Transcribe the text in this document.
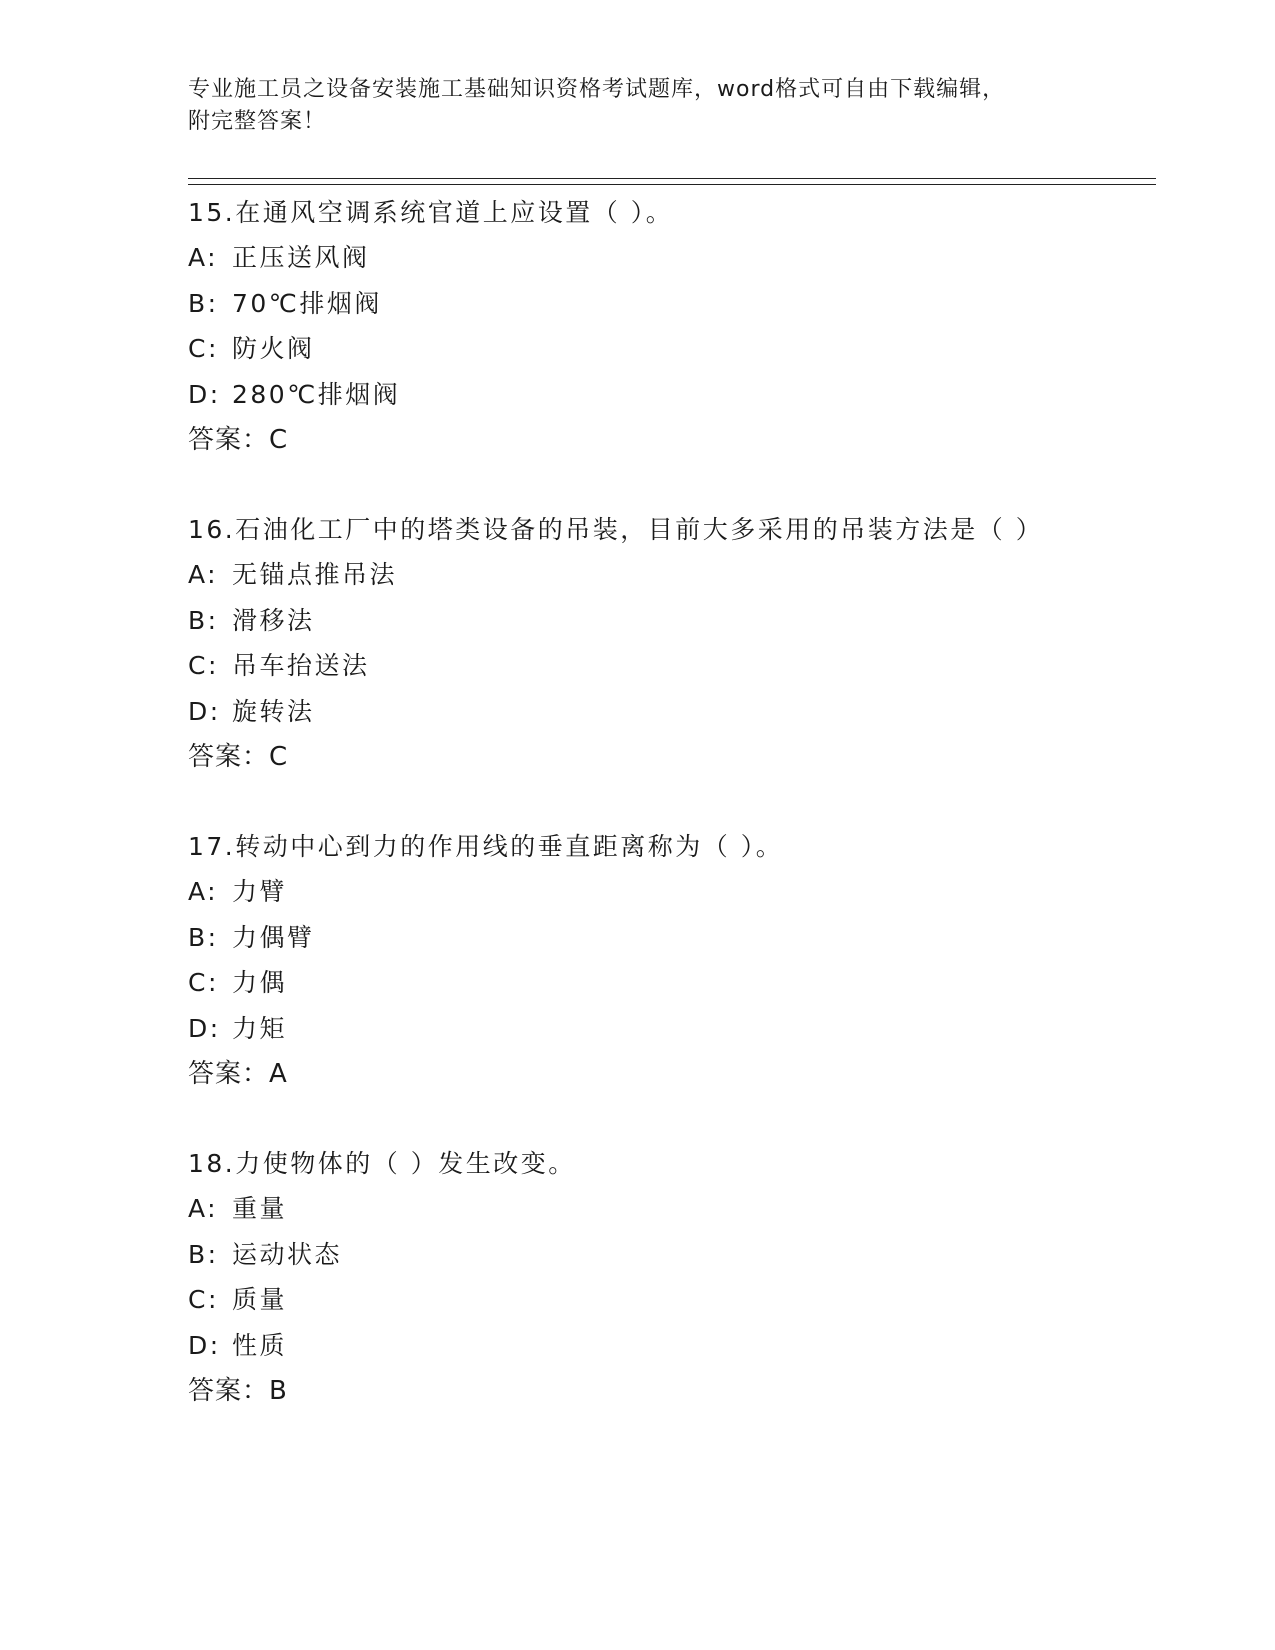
专业施工员之设备安装施工基础知识资格考试题库，word格式可自由下载编辑，
附完整答案！
15.在通风空调系统官道上应设置（ ）。
A: 正压送风阀
B: 70℃排烟阀
C: 防火阀
D: 280℃排烟阀
答案：C
16.石油化工厂中的塔类设备的吊装，目前大多采用的吊装方法是（ ）
A: 无锚点推吊法
B: 滑移法
C: 吊车抬送法
D: 旋转法
答案：C
17.转动中心到力的作用线的垂直距离称为（ ）。
A: 力臂
B: 力偶臂
C: 力偶
D: 力矩
答案：A
18.力使物体的（ ）发生改变。
A: 重量
B: 运动状态
C: 质量
D: 性质
答案：B
